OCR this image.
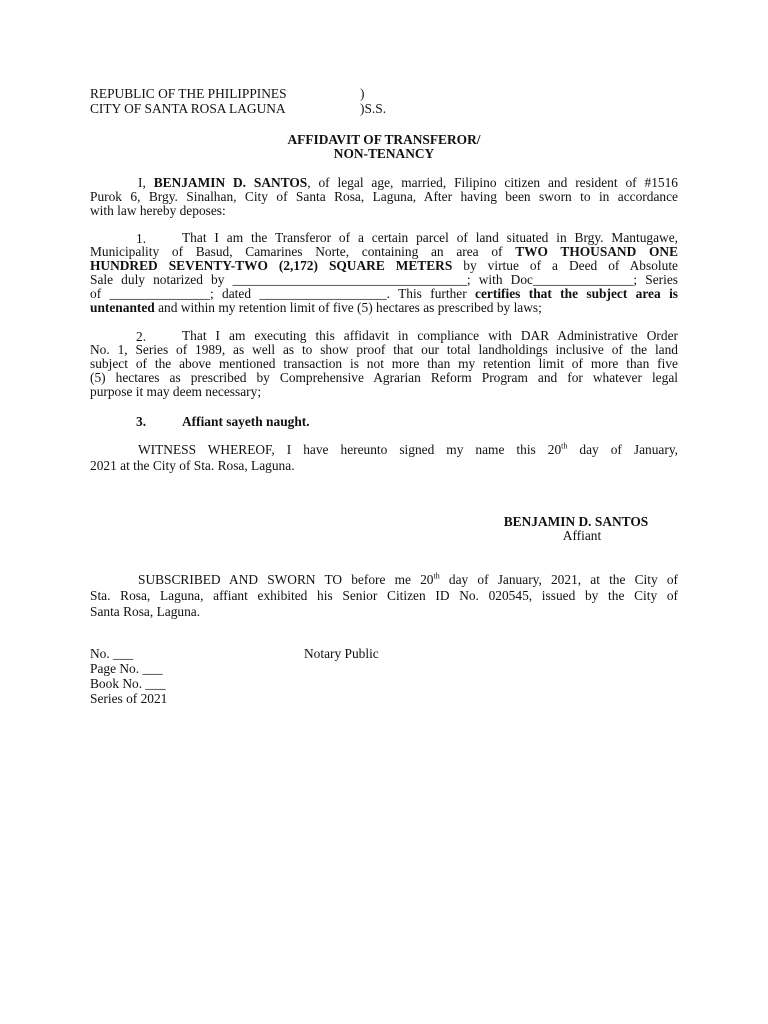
REPUBLIC OF THE PHILIPPINES	)
CITY OF SANTA ROSA LAGUNA	)S.S.
AFFIDAVIT OF TRANSFEROR/
NON-TENANCY
I, BENJAMIN D. SANTOS, of legal age, married, Filipino citizen and resident of #1516
Purok 6, Brgy. Sinalhan, City of Santa Rosa, Laguna, After having been sworn to in accordance
with law hereby deposes:
1.	That I am the Transferor of a certain parcel of land situated in Brgy. Mantugawe,
Municipality of Basud, Camarines Norte, containing an area of TWO THOUSAND ONE
HUNDRED SEVENTY-TWO (2,172) SQUARE METERS by virtue of a Deed of Absolute
Sale duly notarized by ___________________________________; with Doc_______________; Series
of _______________; dated ___________________. This further certifies that the subject area is
untenanted and within my retention limit of five (5) hectares as prescribed by laws;
2.	That I am executing this affidavit in compliance with DAR Administrative Order
No. 1, Series of 1989, as well as to show proof that our total landholdings inclusive of the land
subject of the above mentioned transaction is not more than my retention limit of more than five
(5) hectares as prescribed by Comprehensive Agrarian Reform Program and for whatever legal
purpose it may deem necessary;
3.	Affiant sayeth naught.
WITNESS WHEREOF, I have hereunto signed my name this 20th day of January,
2021 at the City of Sta. Rosa, Laguna.
BENJAMIN D. SANTOS
Affiant
SUBSCRIBED AND SWORN TO before me 20th day of January, 2021, at the City of
Sta. Rosa, Laguna, affiant exhibited his Senior Citizen ID No. 020545, issued by the City of
Santa Rosa, Laguna.
No. ___	Notary Public
Page No. ___
Book No. ___
Series of 2021
